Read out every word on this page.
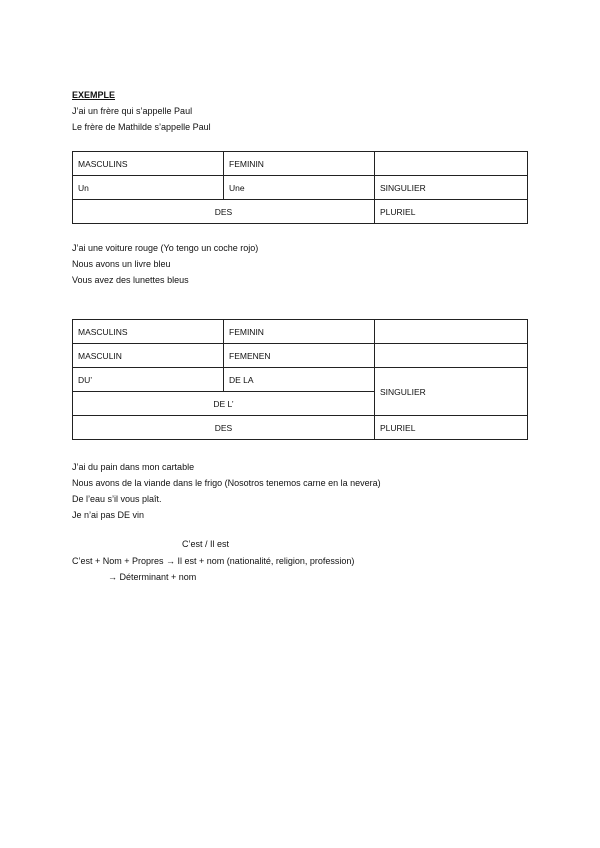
EXEMPLE
J’ai un frère qui s’appelle Paul
Le frère de Mathilde s’appelle Paul
MASCULINS	FEMININ	
Un	Une	SINGULIER
DES		PLURIEL
J’ai une voiture rouge (Yo tengo un coche rojo)
Nous avons un livre bleu
Vous avez des lunettes bleus
MASCULINS	FEMININ	
MASCULIN	FEMENEN	
DU’	DE LA	SINGULIER
DE L’		
DES		PLURIEL
J’ai du pain dans mon cartable
Nous avons de la viande dans le frigo (Nosotros tenemos carne en la nevera)
De l’eau s’il vous plaît.
Je n’ai pas DE vin
C’est / Il est
C’est + Nom + Propres → Il est + nom (nationalité, religion, profession)
→ Déterminant + nom
